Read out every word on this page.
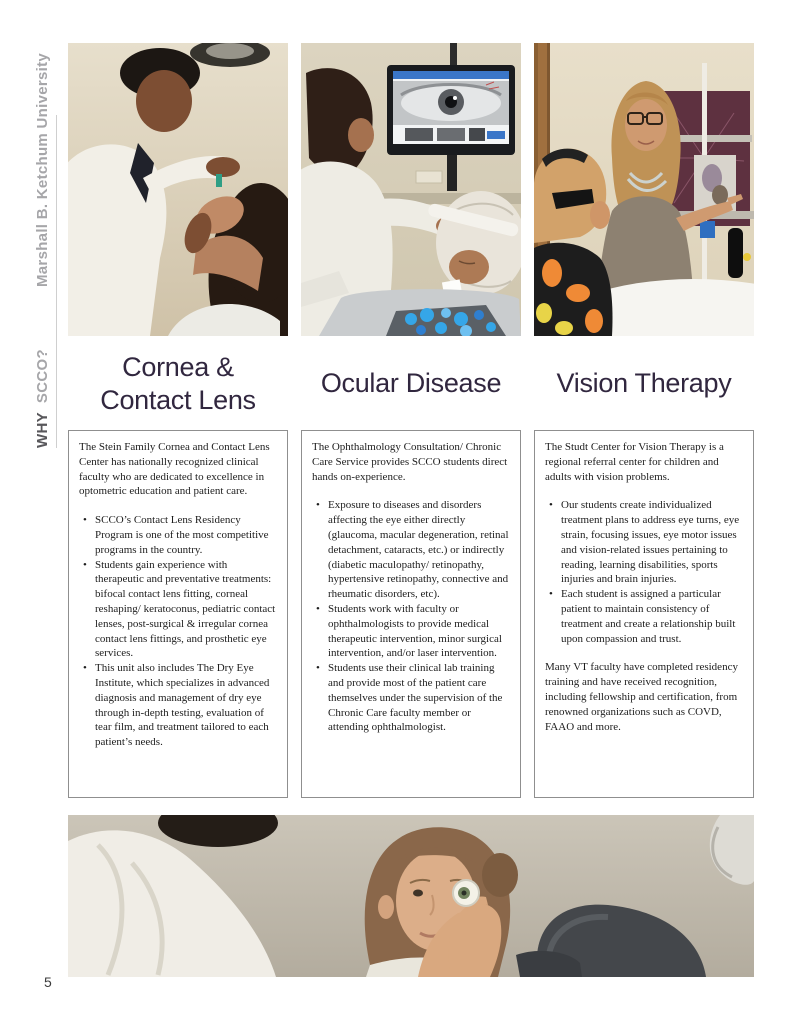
Marshall B. Ketchum University
WHYSCCO?	Cornea &
Contact Lens
Ocular Disease Vision Therapy

The Stein Family Cornea and Contact Lens Center has nationally recognized clinical faculty who are dedicated to excellence in optometric education and patient care.

• SCCO’s Contact Lens Residency Program is one of the most competitive programs in the country.
• Students gain experience with therapeutic and preventative treatments: bifocal contact lens fitting, corneal reshaping/ keratoconus, pediatric contact lenses, post-surgical & irregular cornea contact lens fittings, and prosthetic eye services.
• This unit also includes The Dry Eye Institute, which specializes in advanced diagnosis and management of dry eye through in-depth testing, evaluation of tear film, and treatment tailored to each patient’s needs.

The Ophthalmology Consultation/ Chronic Care Service provides SCCO students direct hands on-experience.

• Exposure to diseases and disorders affecting the eye either directly (glaucoma, macular degeneration, retinal detachment, cataracts, etc.) or indirectly (diabetic maculopathy/ retinopathy, hypertensive retinopathy, connective and rheumatic disorders, etc).
• Students work with faculty or ophthalmologists to provide medical therapeutic intervention, minor surgical intervention, and/or laser intervention.
• Students use their clinical lab training and provide most of the patient care themselves under the supervision of the Chronic Care faculty member or attending ophthalmologist.

The Studt Center for Vision Therapy is a regional referral center for children and adults with vision problems.

• Our students create individualized treatment plans to address eye turns, eye strain, focusing issues, eye motor issues and vision-related issues pertaining to reading, learning disabilities, sports injuries and brain injuries.
• Each student is assigned a particular patient to maintain consistency of treatment and create a relationship built upon compassion and trust.

Many VT faculty have completed residency training and have received recognition, including fellowship and certification, from renowned organizations such as COVD, FAAO and more.

5
